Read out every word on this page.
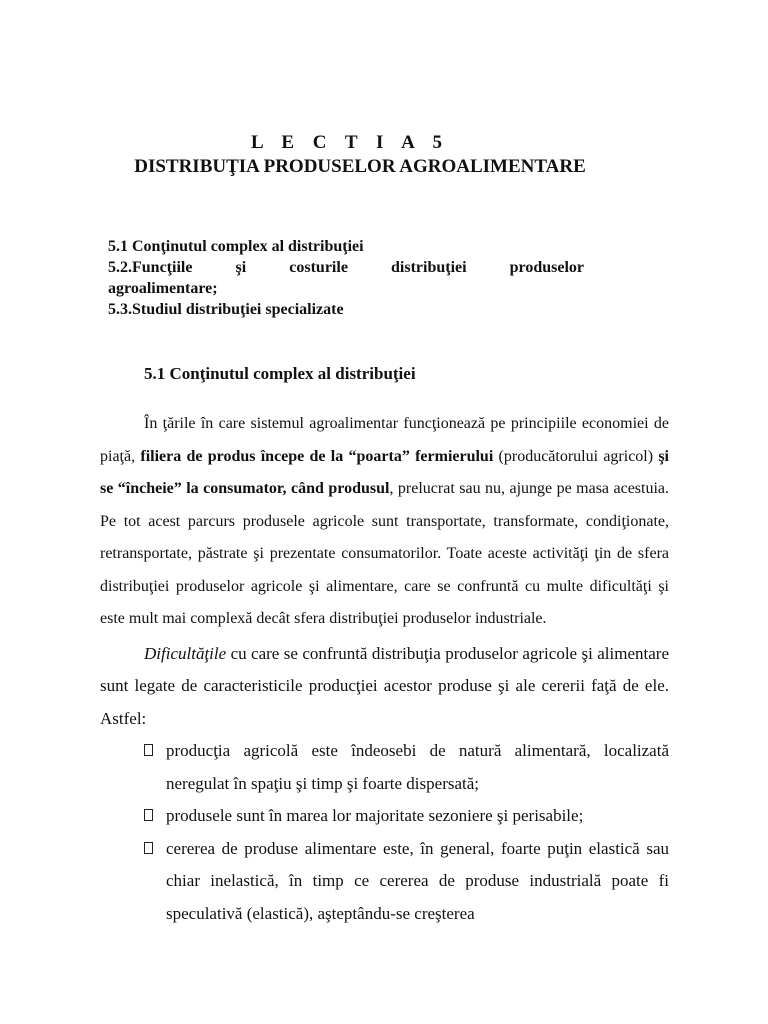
L E C T I A 5
DISTRIBUŢIA PRODUSELOR AGROALIMENTARE
5.1 Conţinutul complex al distribuţiei
5.2.Funcţiile	şi	costurile	distribuţiei	produselor
agroalimentare;
5.3.Studiul distribuţiei specializate
5.1 Conţinutul complex al distribuţiei

În ţările în care sistemul agroalimentar funcţionează pe principiile economiei de piaţă, filiera de produs începe de la “poarta” fermierului (producătorului agricol) şi se “încheie” la consumator, când produsul, prelucrat sau nu, ajunge pe masa acestuia. Pe tot acest parcurs produsele agricole sunt transportate, transformate, condiţionate, retransportate, păstrate şi prezentate consumatorilor. Toate aceste activităţi ţin de sfera distribuţiei produselor agricole şi alimentare, care se confruntă cu multe dificultăţi şi este mult mai complexă decât sfera distribuţiei produselor industriale.

Dificultăţile cu care se confruntă distribuţia produselor agricole şi alimentare sunt legate de caracteristicile producţiei acestor produse şi ale cererii faţă de ele. Astfel:

producţia agricolă este îndeosebi de natură alimentară, localizată neregulat în spaţiu şi timp şi foarte dispersată;
produsele sunt în marea lor majoritate sezoniere şi perisabile;
cererea de produse alimentare este, în general, foarte puţin elastică sau chiar inelastică, în timp ce cererea de produse industrială poate fi speculativă (elastică), aşteptându-se creşterea
